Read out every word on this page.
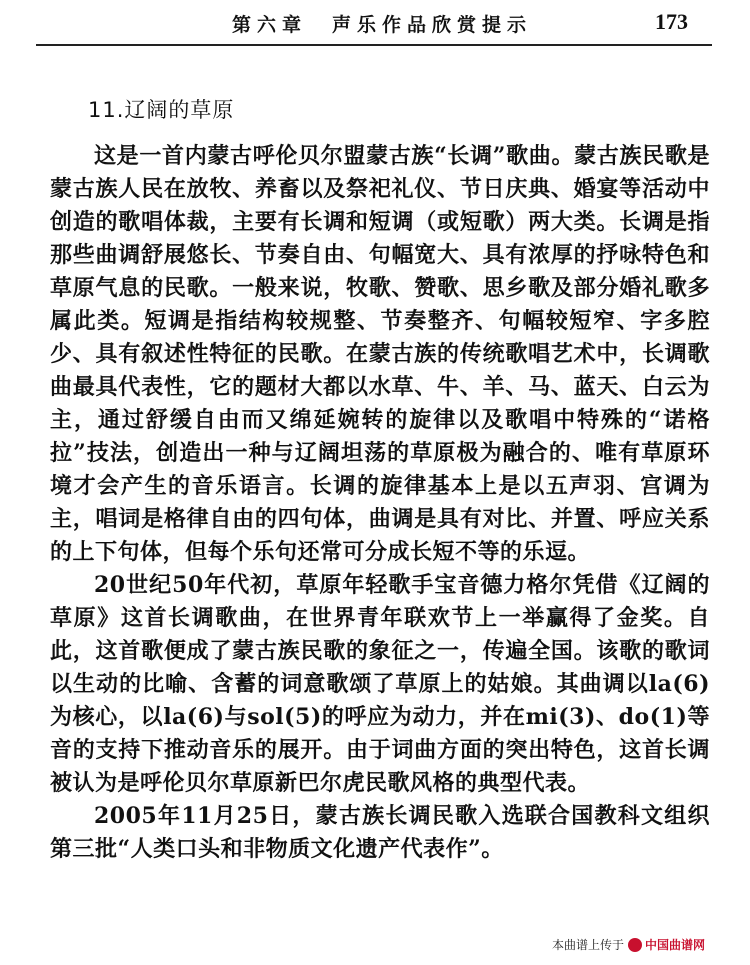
第六章　声乐作品欣赏提示	173
11.辽阔的草原

这是一首内蒙古呼伦贝尔盟蒙古族“长调”歌曲。蒙古族民歌是蒙古族人民在放牧、养畜以及祭祀礼仪、节日庆典、婚宴等活动中创造的歌唱体裁，主要有长调和短调（或短歌）两大类。长调是指那些曲调舒展悠长、节奏自由、句幅宽大、具有浓厚的抒咏特色和草原气息的民歌。一般来说，牧歌、赞歌、思乡歌及部分婚礼歌多属此类。短调是指结构较规整、节奏整齐、句幅较短窄、字多腔少、具有叙述性特征的民歌。在蒙古族的传统歌唱艺术中，长调歌曲最具代表性，它的题材大都以水草、牛、羊、马、蓝天、白云为主，通过舒缓自由而又绵延婉转的旋律以及歌唱中特殊的“诺格拉”技法，创造出一种与辽阔坦荡的草原极为融合的、唯有草原环境才会产生的音乐语言。长调的旋律基本上是以五声羽、宫调为主，唱词是格律自由的四句体，曲调是具有对比、并置、呼应关系的上下句体，但每个乐句还常可分成长短不等的乐逗。

20世纪50年代初，草原年轻歌手宝音德力格尔凭借《辽阔的草原》这首长调歌曲，在世界青年联欢节上一举赢得了金奖。自此，这首歌便成了蒙古族民歌的象征之一，传遍全国。该歌的歌词以生动的比喻、含蓄的词意歌颂了草原上的姑娘。其曲调以la(6)为核心，以la(6)与sol(5)的呼应为动力，并在mi(3)、do(1)等音的支持下推动音乐的展开。由于词曲方面的突出特色，这首长调被认为是呼伦贝尔草原新巴尔虎民歌风格的典型代表。

2005年11月25日，蒙古族长调民歌入选联合国教科文组织第三批“人类口头和非物质文化遗产代表作”。

本曲谱上传于 中国曲谱网
